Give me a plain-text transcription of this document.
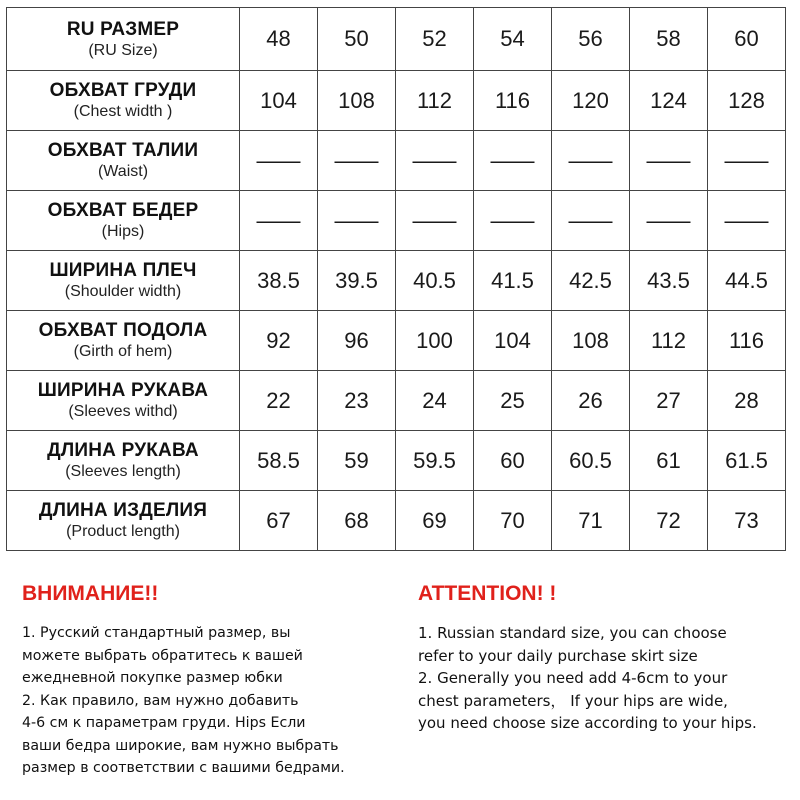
RU РАЗМЕР
(RU Size)	48	50	52	54	56	58	60

ОБХВАТ ГРУДИ
(Chest width )	104	108	112	116	120	124	128

ОБХВАТ ТАЛИИ
(Waist)	——	——	——	——	——	——	——

ОБХВАТ БЕДЕР
(Hips)	——	——	——	——	——	——	——

ШИРИНА ПЛЕЧ
(Shoulder width)	38.5	39.5	40.5	41.5	42.5	43.5	44.5

ОБХВАТ ПОДОЛА
(Girth of hem)	92	96	100	104	108	112	116

ШИРИНА РУКАВА
(Sleeves withd)	22	23	24	25	26	27	28

ДЛИНА РУКАВА
(Sleeves length)	58.5	59	59.5	60	60.5	61	61.5

ДЛИНА ИЗДЕЛИЯ
(Product length)	67	68	69	70	71	72	73
ВНИМАНИЕ!!
1. Русский стандартный размер, вы
можете выбрать обратитесь к вашей
ежедневной покупке размер юбки
2. Как правило, вам нужно добавить
4-6 см к параметрам груди. Hips Если
ваши бедра широкие, вам нужно выбрать
размер в соответствии с вашими бедрами.
ATTENTION! !
1. Russian standard size, you can choose
refer to your daily purchase skirt size
2. Generally you need add 4-6cm to your
chest parameters， If your hips are wide,
you need choose size according to your hips.
